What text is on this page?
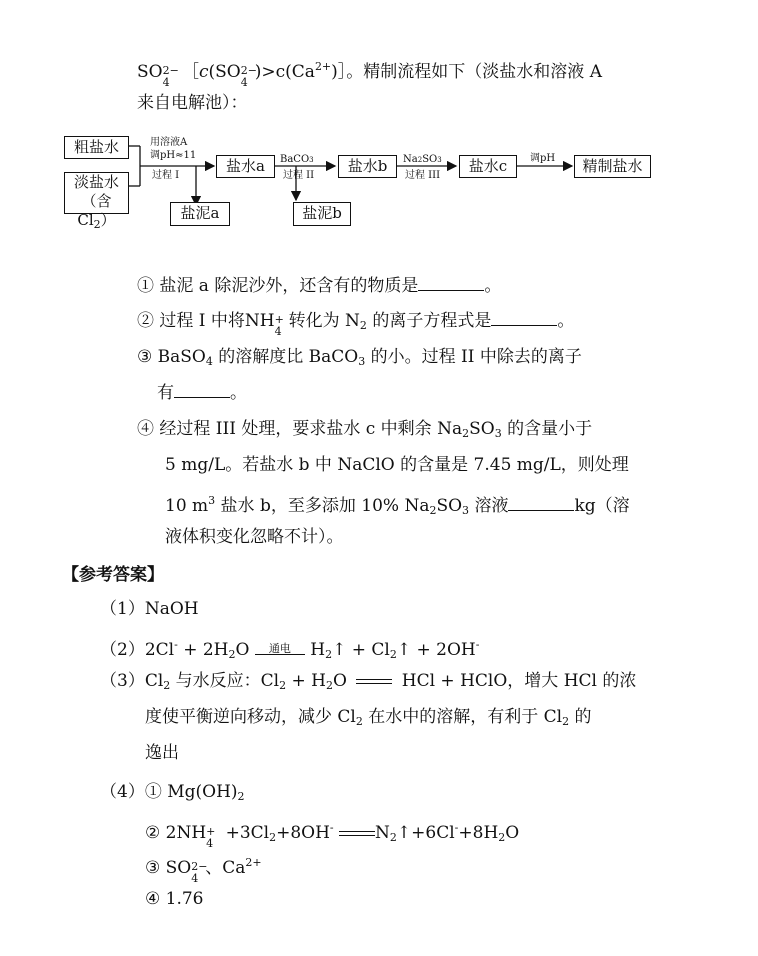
SO 2−
4 ［c(SO 2−
4 )$>c(Ca^{2+})]$。精制流程如下（淡盐水和溶液 A
来自电解池）：
粗盐水
淡盐水
（含$Cl_2$）
用溶液A
调pH≈11
过程 I
盐水a	BaCO3
过程 II
盐水b	Na2SO3
过程 III
盐水c	调pH	精制盐水
盐泥a	盐泥b
① 盐泥 a 除泥沙外，还含有的物质是	。
② 过程 I 中将NH +
4 转化为 $N_2$ 的离子方程式是	。
③ BaSO$_4$ 的溶解度比 BaCO$_3$ 的小。过程 II 中除去的离子
有	。
④ 经过程 III 处理，要求盐水 c 中剩余 $Na_2SO_3$ 的含量小于
5 mg/L。若盐水 b 中 NaClO 的含量是 7.45 mg/L，则处理
10 $m^3$ 盐水 b，至多添加 10% $Na_2SO_3$ 溶液	kg（溶
液体积变化忽略不计）。
【参考答案】
（1）NaOH
$(2)2Cl^- + 2H_2O$	通电	$H_2↑$ + $Cl_2↑ + 2OH^-$
$(3)Cl_2$ 与水反应：$Cl_2 + H_2O$	HCl + HClO，增大 HCl 的浓
度使平衡逆向移动，减少 $Cl_2$ 在水中的溶解，有利于 $Cl_2$ 的
逸出
（4）① $Mg(OH)_2$
② 2NH +
$4 +3Cl_2+8OH^-$ $N_2↑+6Cl^-+8H_2O$
③ SO 2−
4 、$Ca^{2+}$
④ 1.76
